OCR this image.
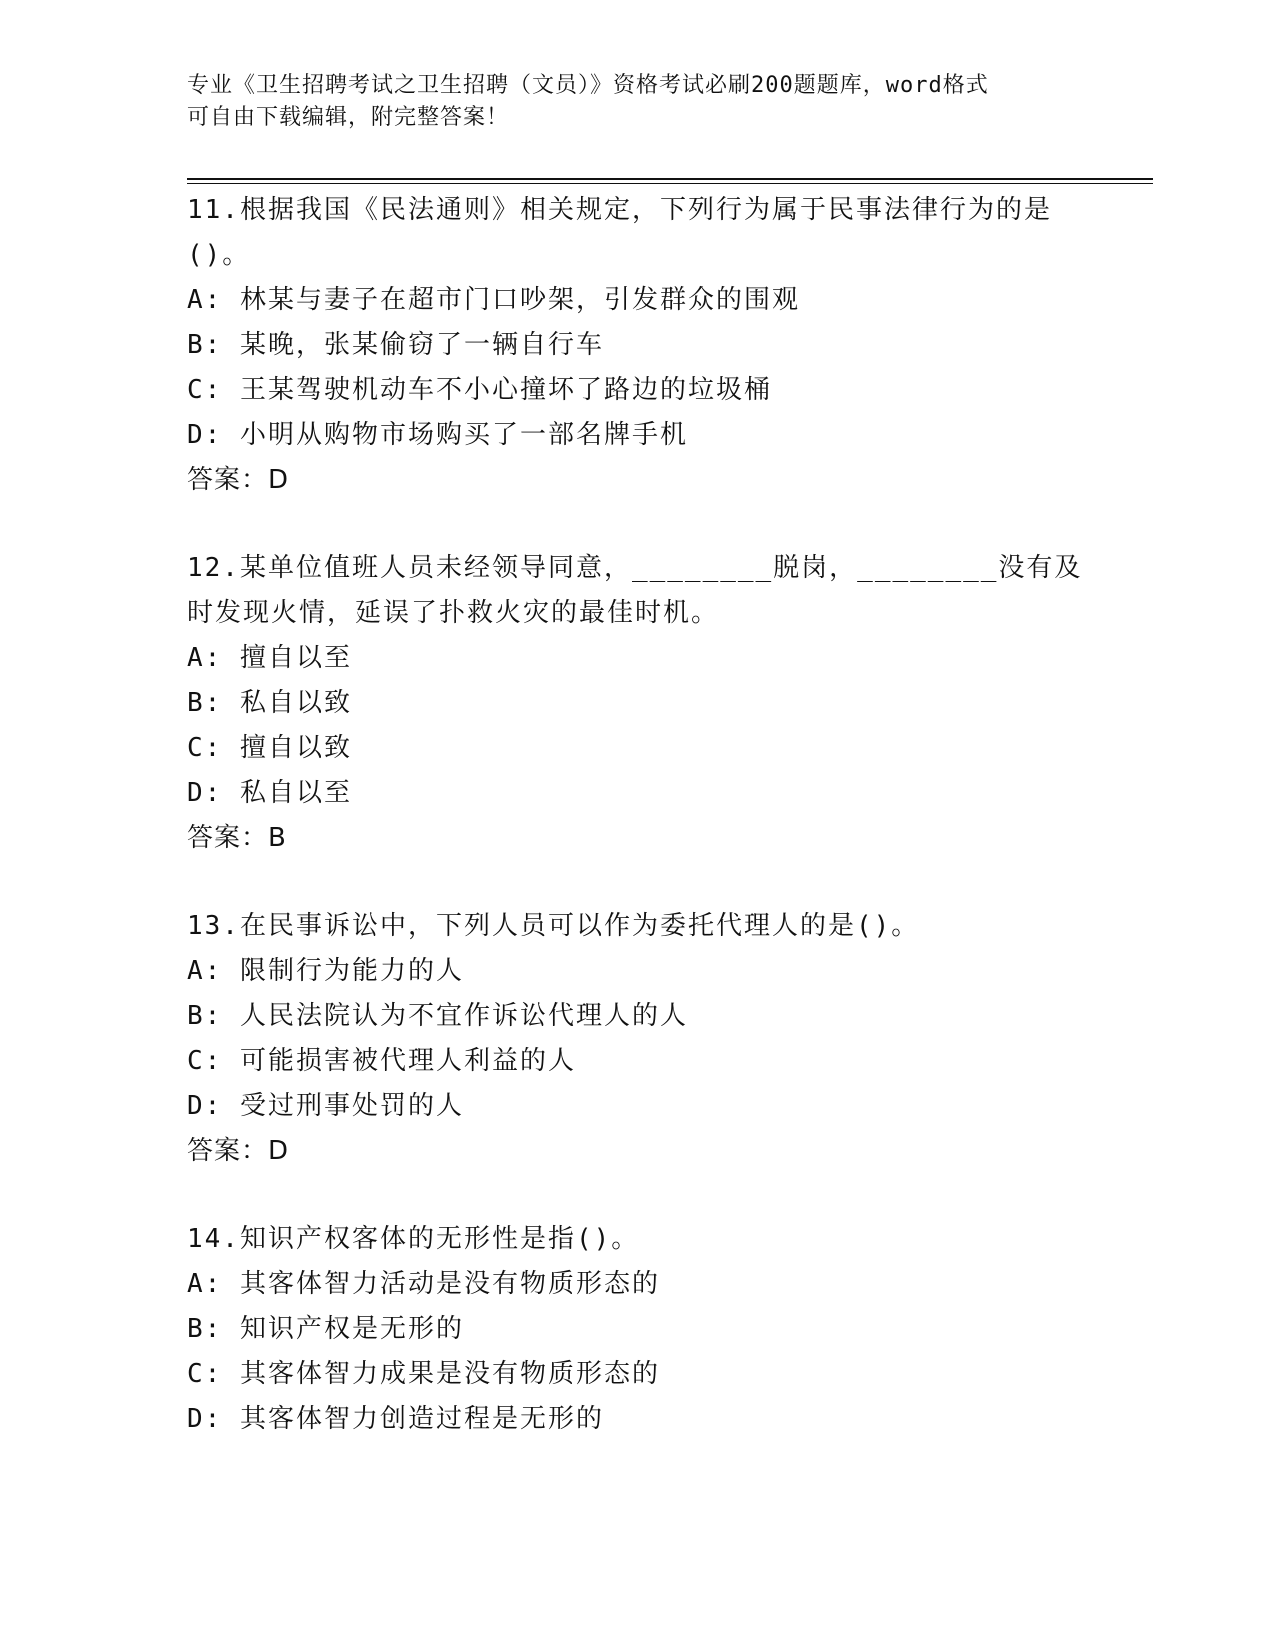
专业《卫生招聘考试之卫生招聘（文员）》资格考试必刷200题题库，word格式

可自由下载编辑，附完整答案！

11.根据我国《民法通则》相关规定，下列行为属于民事法律行为的是()。

A: 林某与妻子在超市门口吵架，引发群众的围观

B: 某晚，张某偷窃了一辆自行车

C: 王某驾驶机动车不小心撞坏了路边的垃圾桶

D: 小明从购物市场购买了一部名牌手机

答案：D

12.某单位值班人员未经领导同意，________脱岗，________没有及时发现火情，延误了扑救火灾的最佳时机。

A: 擅自以至

B: 私自以致

C: 擅自以致

D: 私自以至

答案：B

13.在民事诉讼中，下列人员可以作为委托代理人的是()。

A: 限制行为能力的人

B: 人民法院认为不宜作诉讼代理人的人

C: 可能损害被代理人利益的人

D: 受过刑事处罚的人

答案：D

14.知识产权客体的无形性是指()。

A: 其客体智力活动是没有物质形态的

B: 知识产权是无形的

C: 其客体智力成果是没有物质形态的

D: 其客体智力创造过程是无形的
